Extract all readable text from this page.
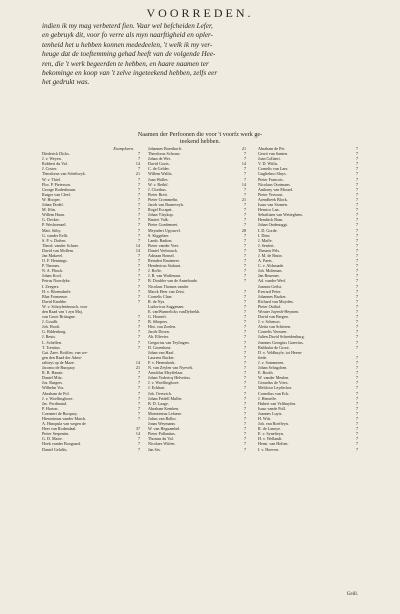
VOORREDEN.
indien ik my mag verbeterd fien. Vaar wel befcheiden Lefer,
en gebruyk dit, voor fo verre als myn naarftigheid en opler-
tenheid het u hebben konnen mededeelen, 't welk ik my ver-
heuge dat de toeftemming gehad heeft van de volgende Hee-
ren, die 't werk begeerden te hebben, en haare naamen ter
bekominge en koop van 't zelve ingeteekend hebben, zelfs eer
het gedrukt was.
Naamen der Perfoonen die voor 't voorfz werk ge-
teekend hebben.
Exemplaren.
Diederick Dicks.	7
J. v. Weyen.	7
Robbert du Val.	14
J. Coster.	7
Theodorus van Scheltwyk.	21
W. v. Thiel.	7
Flor. P. Pieterson.	7
George Rodenbourn.	7
Rutger van Cleef.	7
W. Hooper.	7
Johan Dodel.	7
M. Iffin.	7
Willem Haan.	7
G. Decker.	7
P. Weshoenzel.	7
Matt. Stiby.	7
G. vander Eefft.	7
S. P. v. Doften.	7
Theod. vander Schuer.	14
David van Mollem.	14
Jan Makreel.	7
O. F. Hennings.	7
P. Timmes.	7
N. A. Flinck.	7
Johan Kool.	7
Petrus Noordyke.	7
I. Zeegers.	7
H. v. Bloemdaele.	7
Blaz Formenoe.	7
David Knobbe.	7
W. v. Schoylenbrouch, voor
den Raad van 't zyn Maj.
van Groot Brittagne.	7
J. Goudlt.	7
Joh. Hooft.	7
G. Bildenborg.	7
J. Beuts.	7
L. Schelfen.	7
T. Trenitus.	7
Gat. Zaev. Boiffier, van we-
gen den Raad der Admi-
raliteyt op de Maze.	14
Jacomo de Burquoy.	21
R. B. Hanair.	7
Daniel Mitz.	7
Jos. Rutgers.	7
Wilhelm Vos.	7
Abraham de Pol.	7
J. v. Woelfinghove.	7
Jac. Ferdinand.	7
P. Horton.	7
Coenaert de Burquoy.	7
Hieronimus vander Marck.	7
A. Hinopula van wegen de
Heer van Rodendaal.	37
Pieter Serpentin.	14
G. D. Maire.	7
Hoek vander Boogaard.	7
Daniel Gelaffu.	7
Johannes Boerthorft.	21
Theodorus Schouw.	7
Johan de Wet.	7
David Gozis.	14
C. de Gelder.	7
Willem Wallis.	7
Joan Walles.	7
W. v. Rethif.	14
J. Cloribus.	7
Pieter Breit.	7
Pieter Crommelin.	21
Jacob van Barneveyk.	7
Rogel Escapet.	7
Johan Vlaykop.	7
Bastiet Valk.	7
Pieter Goedemeet.	7
Meyndert Upyawel.	28
S. Kiggelaer.	7
Lamb. Badion.	7
Pieter vander Veer.	7
Daniel Verbrouck.	7
Adriaan Bonsel.	7
Reindert Rautmeer.	7
Hendericus Stalaart.	7
J. Roffe.	7
J. B. van Waffenaar.	7
B. Doubler van de Anneloude.	7
Nicolaas Thomas vander
Marck Heer van Zeist.	7
Cornelis Claer.	7
R. de Nys.	7
Ludovicus Suggenaer.	7
E. vanWarmelicks vanDybrekh.	7
G. Horneft.	7
B. Sibopers.	7
Hist. van Zoelen.	7
Jacob Dosen.	7
Ab. Elfevier.	7
Gregorius van Teylingen.	7
D. Groenhout.	7
Johan van Haaf.	7
Laurens Backer.	7
F. v. Heemsberk.	7
N. van Zeylen van Nyevelt.	7
Arnoldus Meyffelaar.	7
Johan Vodericq Helvetius.	7
J. v. Woelfinghove.	7
J. Eckhart.	7
Joh. Overzich.	7
Johan Fridell Muller.	7
B. D. Laage.	7
Abraham Kemben.	7
Moententus Lefaese.	7
Julius van Bolbo.	7
Jonas Weymann.	7
W. van Heguambel.	7
Pieter Pallantius.	7
Thomas du Val.	7
Nicolaes Witfen.	7
Jan Six.	7
Abraham de Pet.	7
Gerrit van Santen.	7
Joan Collaert.	7
V. D. Wiilis.	7
Cornelis van Laer.	7
Guglielmo Sluys.	7
Pieter Francois.	7
Nicolaus Oortmans.	7
Anthony van Mossel.	7
Pieter Verwout.	7
Arendbeek Block.	7
Isaac van Stomen.	7
Henrico Lan.	7
Sebaftiaen van Wetteghem.	7
Hendrick Bom.	7
Johan Ondenoggt.	7
L D. Gorde.	7
I. Dien.	7
J. Maffe.	7
J. Senfert.	7
Theunis Pels.	7
J. M. de Bruin.	7
A. Paets.	7
C. v. Alckmade.	7
Joh. Moleman.	7
Jan Beurmer.	7
Ad. vander Werf.	7
Joannis Geilst.	7
Everard Peter.	7
Johannes Backer.	7
Richard van Muyden.	7
Pieter Outhof.	7
Wouter Juyenft-Heymen.	7
David van Bergen.	7
J. v. Schenoo.	7
Aletta van Schieten.	7
Cornelis Vermeer.	7
Julien David Schreidenburg.	7
Joannes Georgius Graevius.	7
Balthafar de Groot.	7
D. v. Veldhuyfe, tot Heem-
ftede.	7
J. v. Sommeren.	7
Johan Schagchen.	7
E. Booth.	7
W. vander Meulen.	7
Gerardus de Vries.	7
Melchior Leydecker.	7
Cornelius van Eck.	7
J. Hemeffe.	7
Hubert van Velthuyfen.	7
Isaac vande Poll.	7
Joannes Luyts.	7
H. Witt.	7
Joh. van Roeffeyn.	7
R. de Lanoye.	7
E. v. Synefteyn.	7
H. v. Wellandt.	7
Herm. van Holten.	7
I. v. Hoeven.	7
Geill.
